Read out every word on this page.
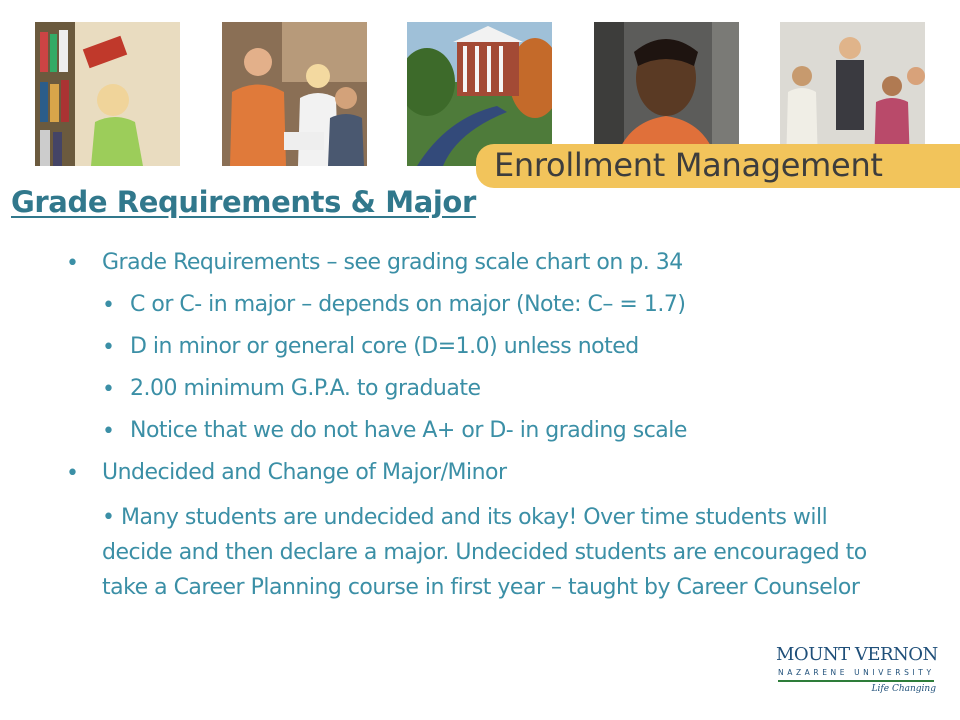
Enrollment Management
Grade Requirements & Major
• Grade Requirements – see grading scale chart on p. 34
• C or C- in major – depends on major (Note: C– = 1.7)
• D in minor or general core (D=1.0) unless noted
• 2.00 minimum G.P.A. to graduate
• Notice that we do not have A+ or D- in grading scale
• Undecided and Change of Major/Minor
• Many students are undecided and its okay! Over time students will decide and then declare a major. Undecided students are encouraged to take a Career Planning course in first year – taught by Career Counselor
MOUNT VERNON
NAZARENE UNIVERSITY
Life Changing
